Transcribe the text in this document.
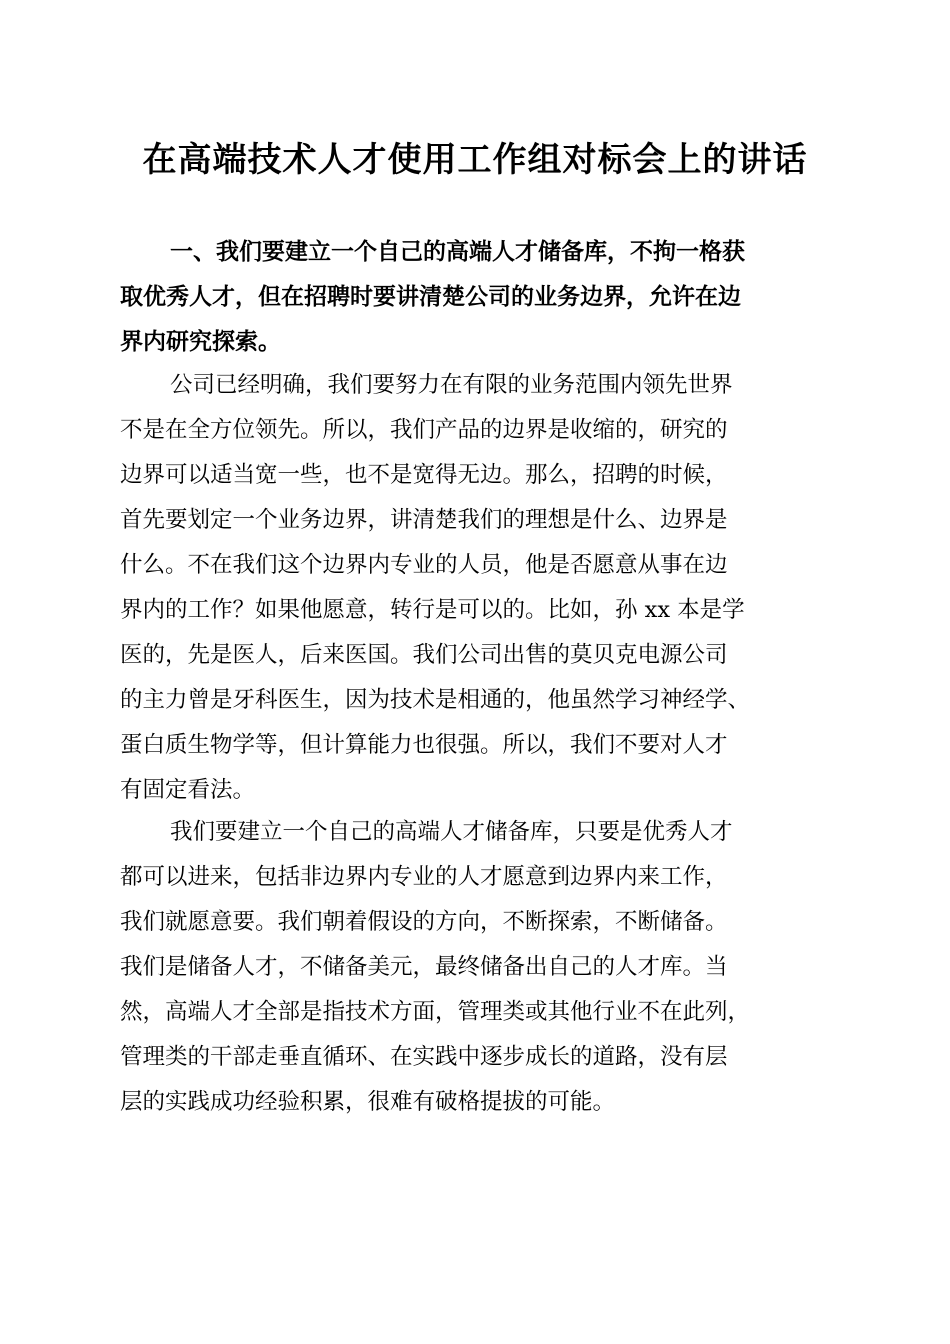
在高端技术人才使用工作组对标会上的讲话
一、我们要建立一个自己的高端人才储备库，不拘一格获
取优秀人才，但在招聘时要讲清楚公司的业务边界，允许在边
界内研究探索。
公司已经明确，我们要努力在有限的业务范围内领先世界
不是在全方位领先。所以，我们产品的边界是收缩的，研究的
边界可以适当宽一些，也不是宽得无边。那么，招聘的时候，
首先要划定一个业务边界，讲清楚我们的理想是什么、边界是
什么。不在我们这个边界内专业的人员，他是否愿意从事在边
界内的工作？如果他愿意，转行是可以的。比如，孙 xx 本是学
医的，先是医人，后来医国。我们公司出售的莫贝克电源公司
的主力曾是牙科医生，因为技术是相通的，他虽然学习神经学、
蛋白质生物学等，但计算能力也很强。所以，我们不要对人才
有固定看法。
我们要建立一个自己的高端人才储备库，只要是优秀人才
都可以进来，包括非边界内专业的人才愿意到边界内来工作，
我们就愿意要。我们朝着假设的方向，不断探索，不断储备。
我们是储备人才，不储备美元，最终储备出自己的人才库。当
然，高端人才全部是指技术方面，管理类或其他行业不在此列，
管理类的干部走垂直循环、在实践中逐步成长的道路，没有层
层的实践成功经验积累，很难有破格提拔的可能。
